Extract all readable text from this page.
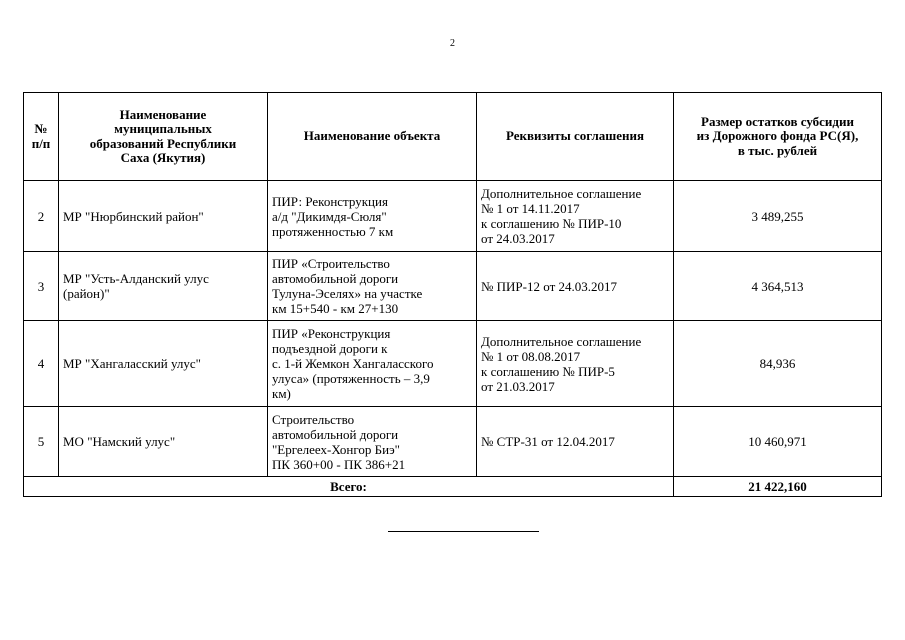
2
№
п/п	Наименование
муниципальных
образований Республики
Саха (Якутия)	Наименование объекта	Реквизиты соглашения	Размер остатков субсидии
из Дорожного фонда РС(Я),
в тыс. рублей

2	МР "Нюрбинский район"	ПИР: Реконструкция
а/д "Дикимдя-Сюля"
протяженностью 7 км	Дополнительное соглашение
№ 1 от 14.11.2017
к соглашению № ПИР-10
от 24.03.2017	3 489,255
3	МР "Усть-Алданский улус
(район)"	ПИР «Строительство
автомобильной дороги
Тулуна-Эселях» на участке
км 15+540 - км 27+130	№ ПИР-12 от 24.03.2017	4 364,513
4	МР "Хангаласский улус"	ПИР «Реконструкция
подъездной дороги к
с. 1-й Жемкон Хангаласского
улуса» (протяженность – 3,9
км)	Дополнительное соглашение
№ 1 от 08.08.2017
к соглашению № ПИР-5
от 21.03.2017	84,936
5	МО "Намский улус"	Строительство
автомобильной дороги
"Ергелеех-Хонгор Биэ"
ПК 360+00 - ПК 386+21	№ СТР-31 от 12.04.2017	10 460,971
Всего:				21 422,160
